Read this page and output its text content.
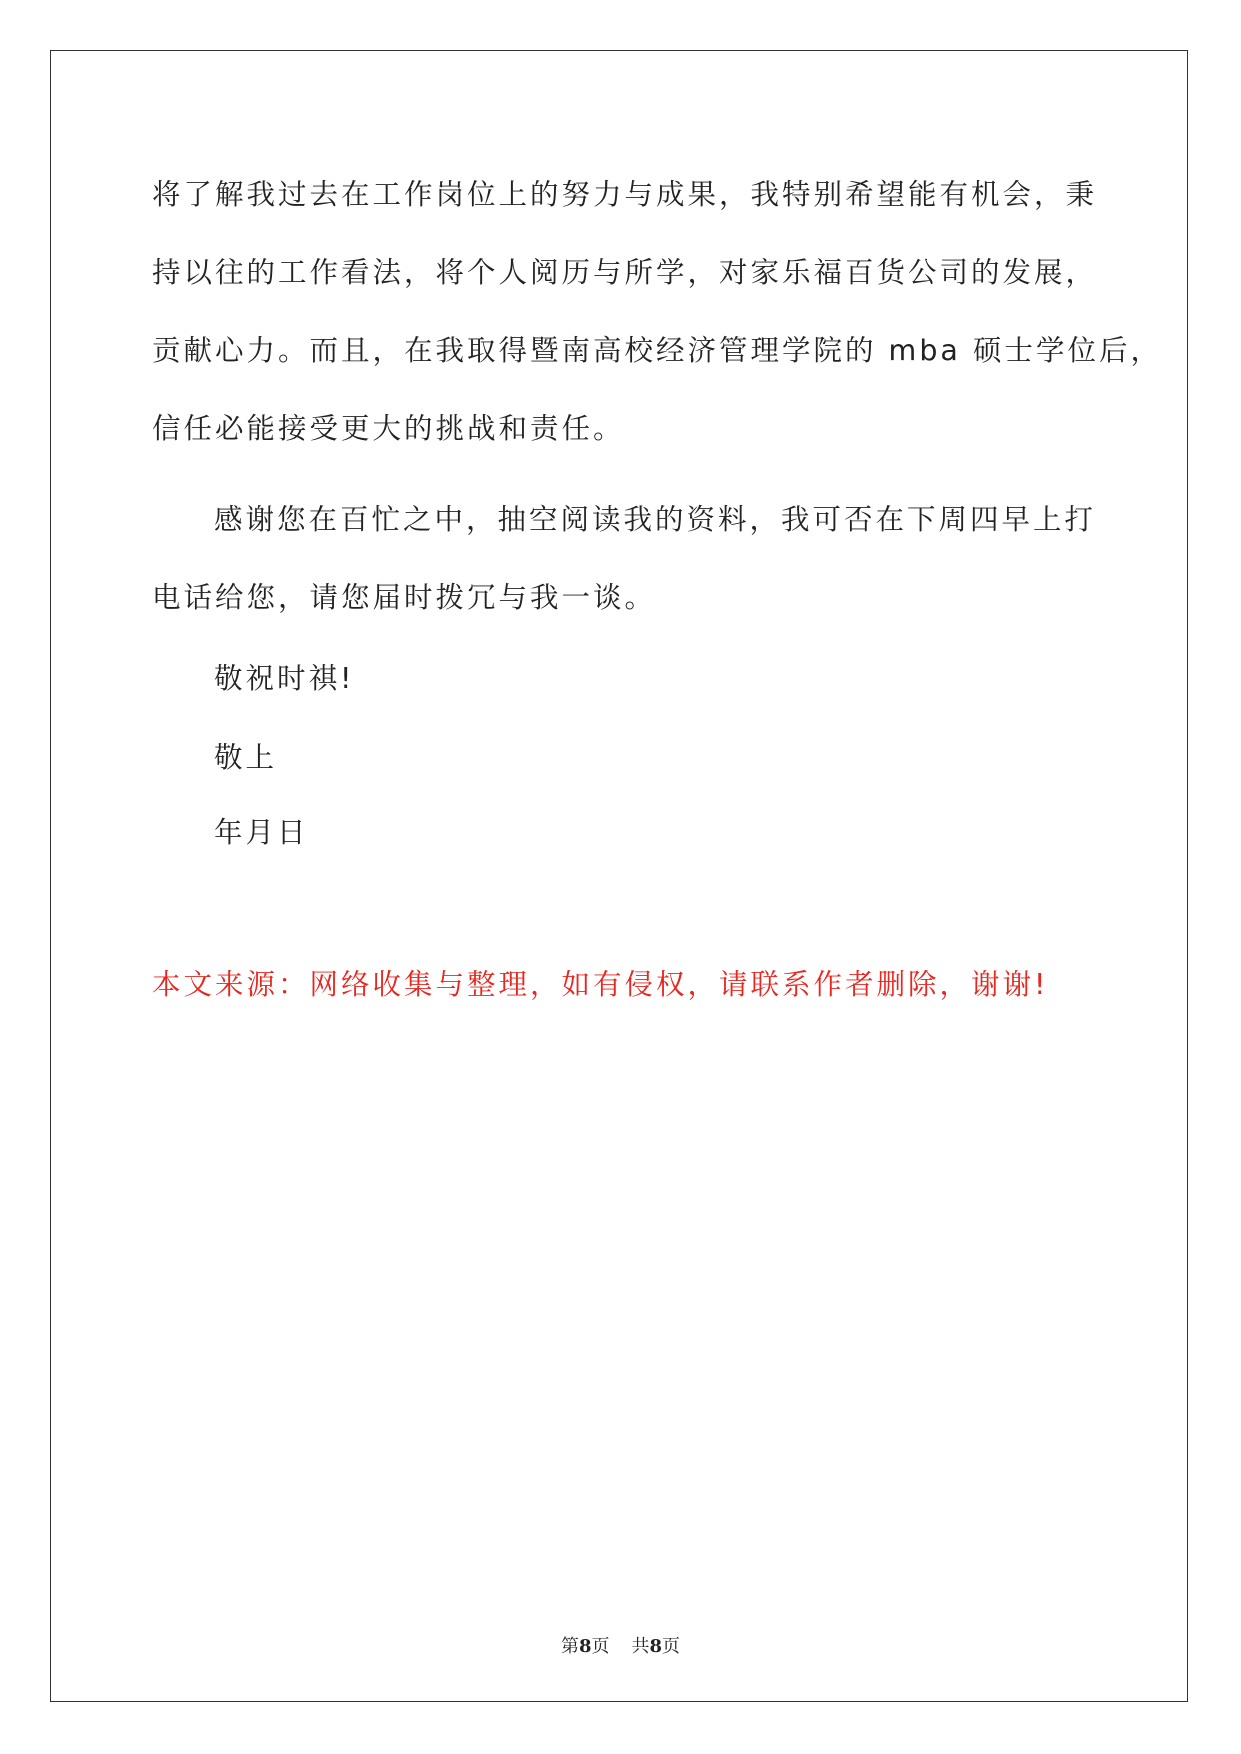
将了解我过去在工作岗位上的努力与成果，我特别希望能有机会，秉
持以往的工作看法，将个人阅历与所学，对家乐福百货公司的发展，
贡献心力。而且，在我取得暨南高校经济管理学院的 mba 硕士学位后，
信任必能接受更大的挑战和责任。
感谢您在百忙之中，抽空阅读我的资料，我可否在下周四早上打
电话给您，请您届时拨冗与我一谈。
敬祝时祺!
敬上
年月日
本文来源：网络收集与整理，如有侵权，请联系作者删除，谢谢!
第8页 共8页
